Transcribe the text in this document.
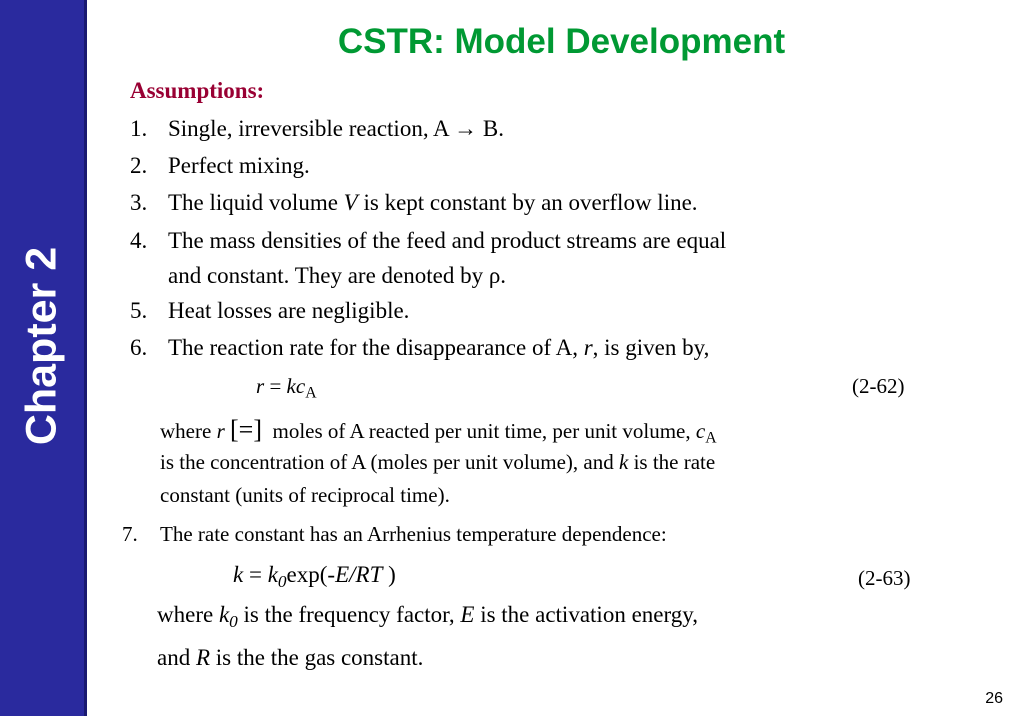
Chapter 2
CSTR: Model Development
Assumptions:
1. Single, irreversible reaction, A → B.
2. Perfect mixing.
3. The liquid volume V is kept constant by an overflow line.
4. The mass densities of the feed and product streams are equal
and constant. They are denoted by ρ.
5. Heat losses are negligible.
6. The reaction rate for the disappearance of A, r, is given by,
$r = kc_A$	(2-62)
where r [=] moles of A reacted per unit time, per unit volume, $c_A$
is the concentration of A (moles per unit volume), and k is the rate
constant (units of reciprocal time).
7. The rate constant has an Arrhenius temperature dependence:
$k = k_0\exp(-E/RT$ )	(2-63)
where $k_0$ is the frequency factor, E is the activation energy,
and R is the the gas constant.
26
